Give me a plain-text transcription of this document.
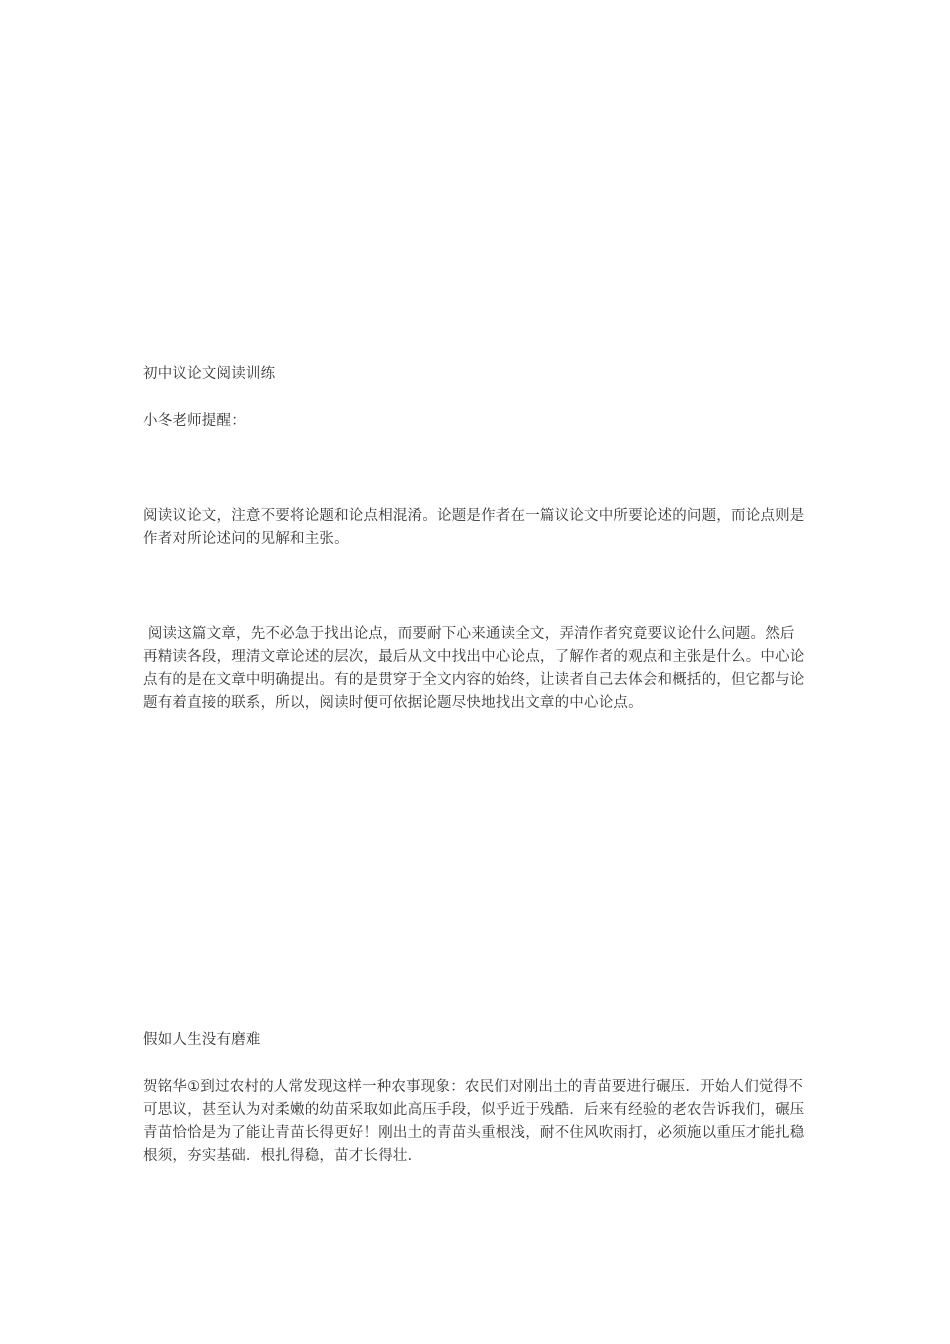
初中议论文阅读训练

小冬老师提醒：

阅读议论文，注意不要将论题和论点相混淆。论题是作者在一篇议论文中所要论述的问题，而论点则是作者对所论述问的见解和主张。

阅读这篇文章，先不必急于找出论点，而要耐下心来通读全文，弄清作者究竟要议论什么问题。然后再精读各段，理清文章论述的层次，最后从文中找出中心论点，了解作者的观点和主张是什么。中心论点有的是在文章中明确提出。有的是贯穿于全文内容的始终，让读者自己去体会和概括的，但它都与论题有着直接的联系，所以，阅读时便可依据论题尽快地找出文章的中心论点。

假如人生没有磨难

贺铭华①到过农村的人常发现这样一种农事现象：农民们对刚出土的青苗要进行碾压．开始人们觉得不可思议，甚至认为对柔嫩的幼苗采取如此高压手段，似乎近于残酷．后来有经验的老农告诉我们，碾压青苗恰恰是为了能让青苗长得更好！刚出土的青苗头重根浅，耐不住风吹雨打，必须施以重压才能扎稳根须，夯实基础．根扎得稳，苗才长得壮．
